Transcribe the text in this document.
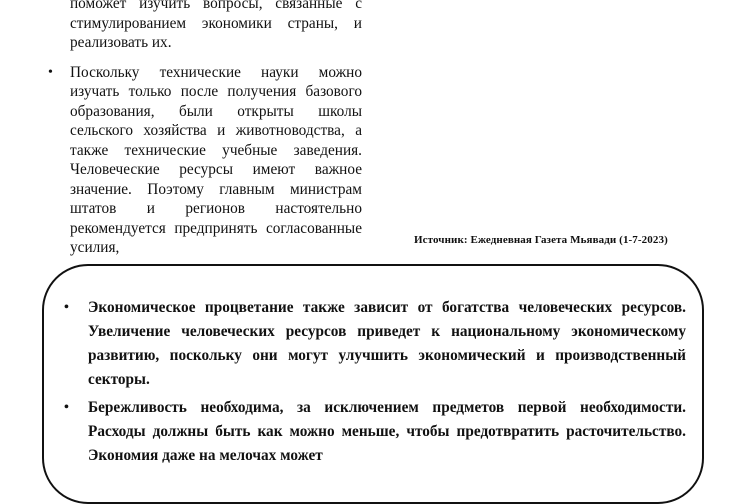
поможет изучить вопросы, связанные с стимулированием экономики страны, и реализовать их.
• Поскольку технические науки можно изучать только после получения базового образования, были открыты школы сельского хозяйства и животноводства, а также технические учебные заведения. Человеческие ресурсы имеют важное значение. Поэтому главным министрам штатов и регионов настоятельно рекомендуется предпринять согласованные усилия,	Источник: Ежедневная Газета Мьявади (1-7-2023)
• Экономическое процветание также зависит от богатства человеческих ресурсов. Увеличение человеческих ресурсов приведет к национальному экономическому развитию, поскольку они могут улучшить экономический и производственный секторы.
• Бережливость необходима, за исключением предметов первой необходимости. Расходы должны быть как можно меньше, чтобы предотвратить расточительство. Экономия даже на мелочах может
